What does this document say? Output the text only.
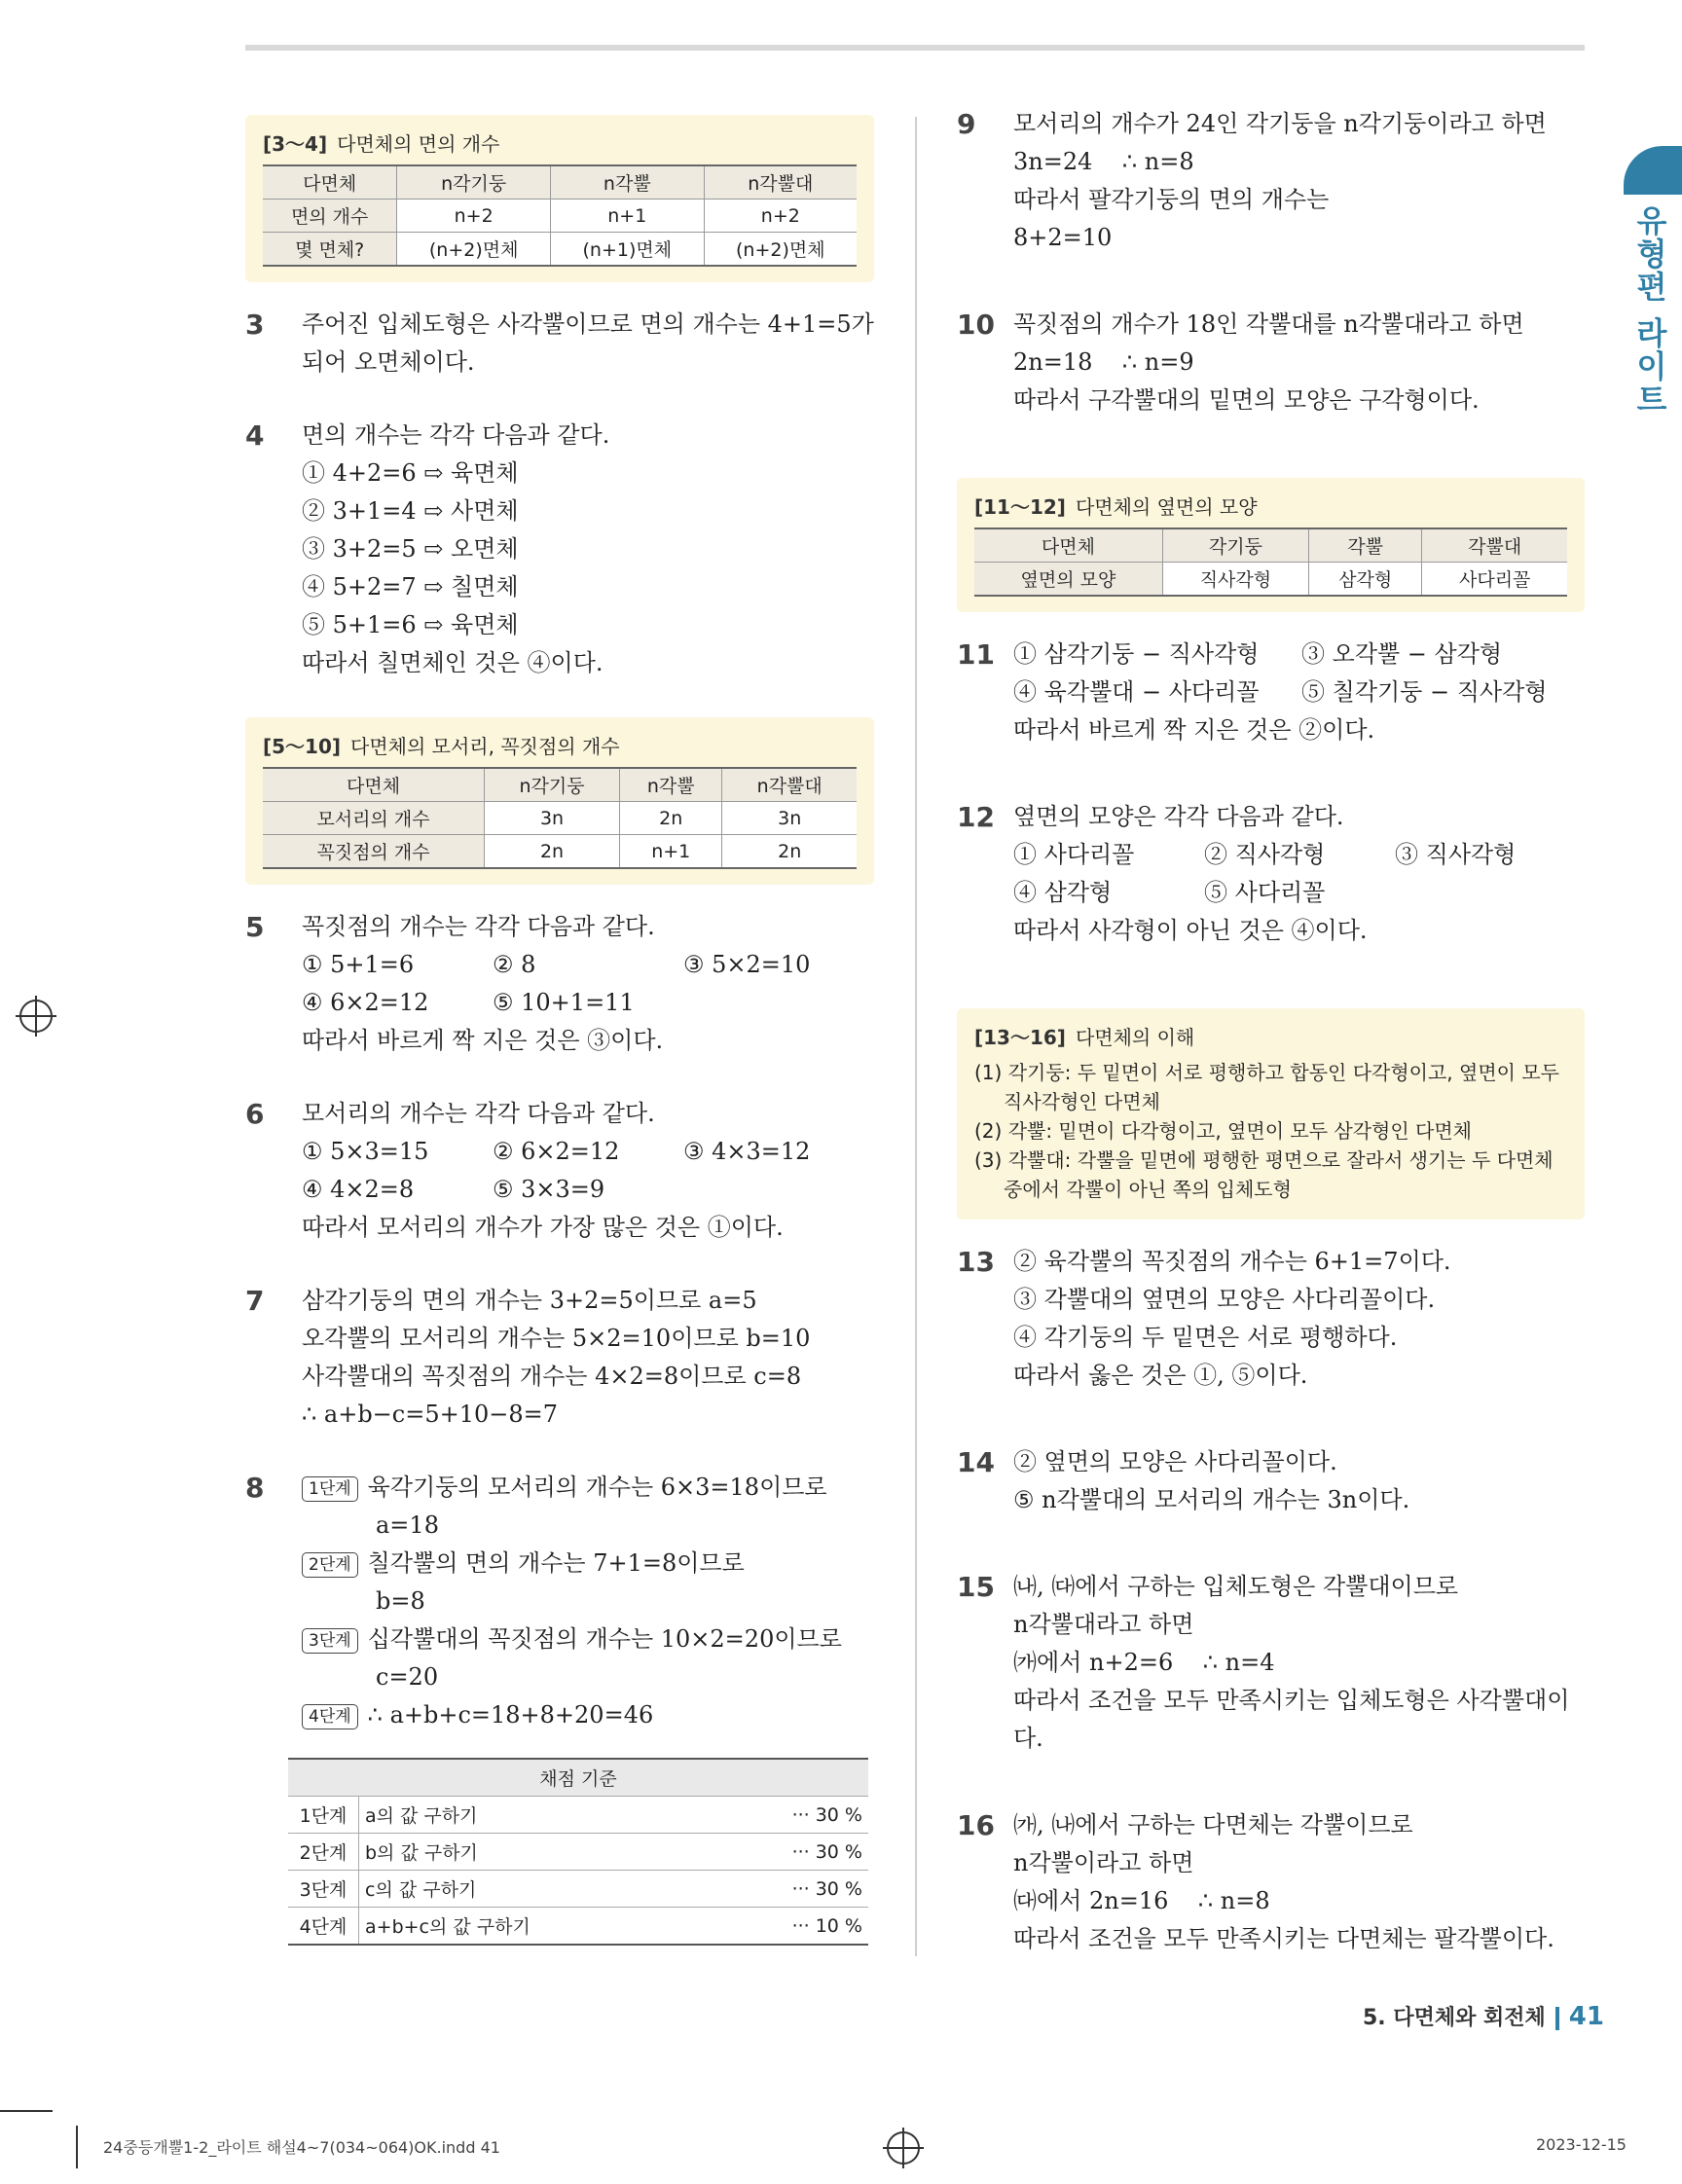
유형편 라이트
[3～4] 다면체의 면의 개수
다면체	n각기둥	n각뿔	n각뿔대
면의 개수	n+2	n+1	n+2
몇 면체?	(n+2)면체	(n+1)면체	(n+2)면체
3 주어진 입체도형은 사각뿔이므로 면의 개수는 4+1=5가
되어 오면체이다.
4 면의 개수는 각각 다음과 같다.
① 4+2=6 ⇨ 육면체
② 3+1=4 ⇨ 사면체
③ 3+2=5 ⇨ 오면체
④ 5+2=7 ⇨ 칠면체
⑤ 5+1=6 ⇨ 육면체
따라서 칠면체인 것은 ④이다.
[5～10] 다면체의 모서리, 꼭짓점의 개수
다면체	n각기둥	n각뿔	n각뿔대
모서리의 개수	3n	2n	3n
꼭짓점의 개수	2n	n+1	2n
5 꼭짓점의 개수는 각각 다음과 같다.
① 5+1=6	② 8	③ 5×2=10
④ 6×2=12	⑤ 10+1=11
따라서 바르게 짝 지은 것은 ③이다.
6 모서리의 개수는 각각 다음과 같다.
① 5×3=15	② 6×2=12	③ 4×3=12
④ 4×2=8	⑤ 3×3=9
따라서 모서리의 개수가 가장 많은 것은 ①이다.
7 삼각기둥의 면의 개수는 3+2=5이므로 a=5
오각뿔의 모서리의 개수는 5×2=10이므로 b=10
사각뿔대의 꼭짓점의 개수는 4×2=8이므로 c=8
∴ a+b−c=5+10−8=7
8	1단계 육각기둥의 모서리의 개수는 6×3=18이므로
a=18
2단계 칠각뿔의 면의 개수는 7+1=8이므로
b=8
3단계 십각뿔대의 꼭짓점의 개수는 10×2=20이므로
c=20
4단계 ∴ a+b+c=18+8+20=46
채점 기준		
1단계	a의 값 구하기	··· 30 %
2단계	b의 값 구하기	··· 30 %
3단계	c의 값 구하기	··· 30 %
4단계	a+b+c의 값 구하기	··· 10 %
9 모서리의 개수가 24인 각기둥을 n각기둥이라고 하면
3n=24    ∴ n=8
따라서 팔각기둥의 면의 개수는
8+2=10
10 꼭짓점의 개수가 18인 각뿔대를 n각뿔대라고 하면
2n=18    ∴ n=9
따라서 구각뿔대의 밑면의 모양은 구각형이다.
[11～12] 다면체의 옆면의 모양
다면체	각기둥	각뿔	각뿔대
옆면의 모양	직사각형	삼각형	사다리꼴
11 ① 삼각기둥 − 직사각형	③ 오각뿔 − 삼각형
④ 육각뿔대 − 사다리꼴	⑤ 칠각기둥 − 직사각형
따라서 바르게 짝 지은 것은 ②이다.
12 옆면의 모양은 각각 다음과 같다.
① 사다리꼴	② 직사각형	③ 직사각형
④ 삼각형	⑤ 사다리꼴
따라서 사각형이 아닌 것은 ④이다.
[13～16] 다면체의 이해
(1) 각기둥: 두 밑면이 서로 평행하고 합동인 다각형이고, 옆면이 모두 직사각형인 다면체
(2) 각뿔: 밑면이 다각형이고, 옆면이 모두 삼각형인 다면체
(3) 각뿔대: 각뿔을 밑면에 평행한 평면으로 잘라서 생기는 두 다면체 중에서 각뿔이 아닌 쪽의 입체도형
13 ② 육각뿔의 꼭짓점의 개수는 6+1=7이다.
③ 각뿔대의 옆면의 모양은 사다리꼴이다.
④ 각기둥의 두 밑면은 서로 평행하다.
따라서 옳은 것은 ①, ⑤이다.
14 ② 옆면의 모양은 사다리꼴이다.
⑤ n각뿔대의 모서리의 개수는 3n이다.
15 ㈏, ㈐에서 구하는 입체도형은 각뿔대이므로
n각뿔대라고 하면
㈎에서 n+2=6    ∴ n=4
따라서 조건을 모두 만족시키는 입체도형은 사각뿔대이다.
16 ㈎, ㈏에서 구하는 다면체는 각뿔이므로
n각뿔이라고 하면
㈐에서 2n=16    ∴ n=8
따라서 조건을 모두 만족시키는 다면체는 팔각뿔이다.
5. 다면체와 회전체 41
24중등개뿔1-2_라이트 해설4~7(034~064)OK.indd 41	2023-12-15
